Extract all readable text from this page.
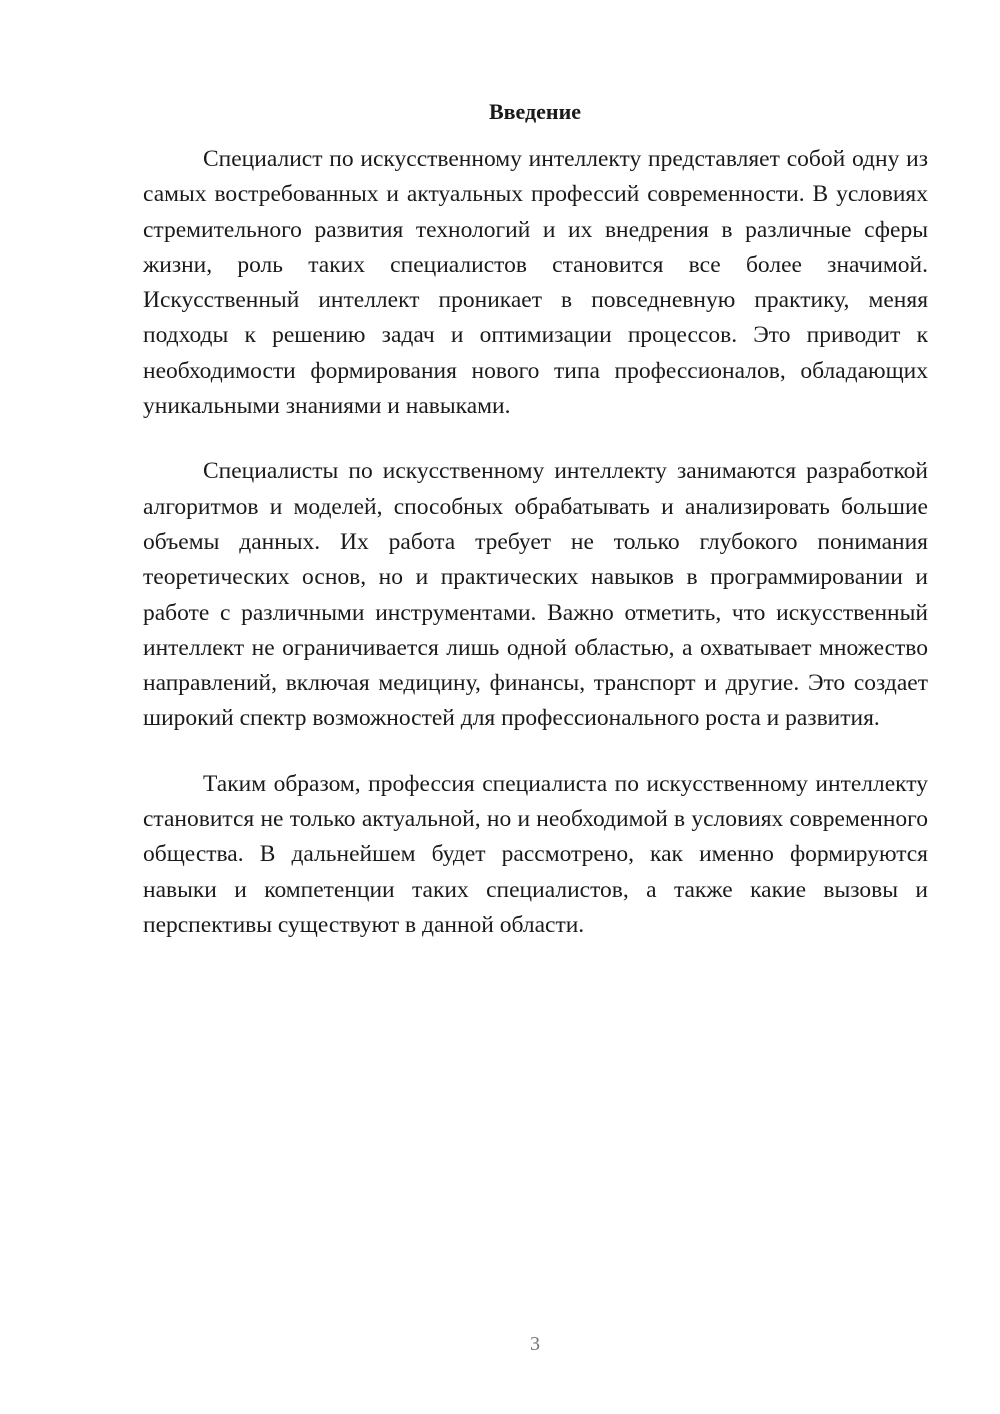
Введение

Специалист по искусственному интеллекту представляет собой одну из самых востребованных и актуальных профессий современности. В условиях стремительного развития технологий и их внедрения в различные сферы жизни, роль таких специалистов становится все более значимой. Искусственный интеллект проникает в повседневную практику, меняя подходы к решению задач и оптимизации процессов. Это приводит к необходимости формирования нового типа профессионалов, обладающих уникальными знаниями и навыками.

Специалисты по искусственному интеллекту занимаются разработкой алгоритмов и моделей, способных обрабатывать и анализировать большие объемы данных. Их работа требует не только глубокого понимания теоретических основ, но и практических навыков в программировании и работе с различными инструментами. Важно отметить, что искусственный интеллект не ограничивается лишь одной областью, а охватывает множество направлений, включая медицину, финансы, транспорт и другие. Это создает широкий спектр возможностей для профессионального роста и развития.

Таким образом, профессия специалиста по искусственному интеллекту становится не только актуальной, но и необходимой в условиях современного общества. В дальнейшем будет рассмотрено, как именно формируются навыки и компетенции таких специалистов, а также какие вызовы и перспективы существуют в данной области.

3
